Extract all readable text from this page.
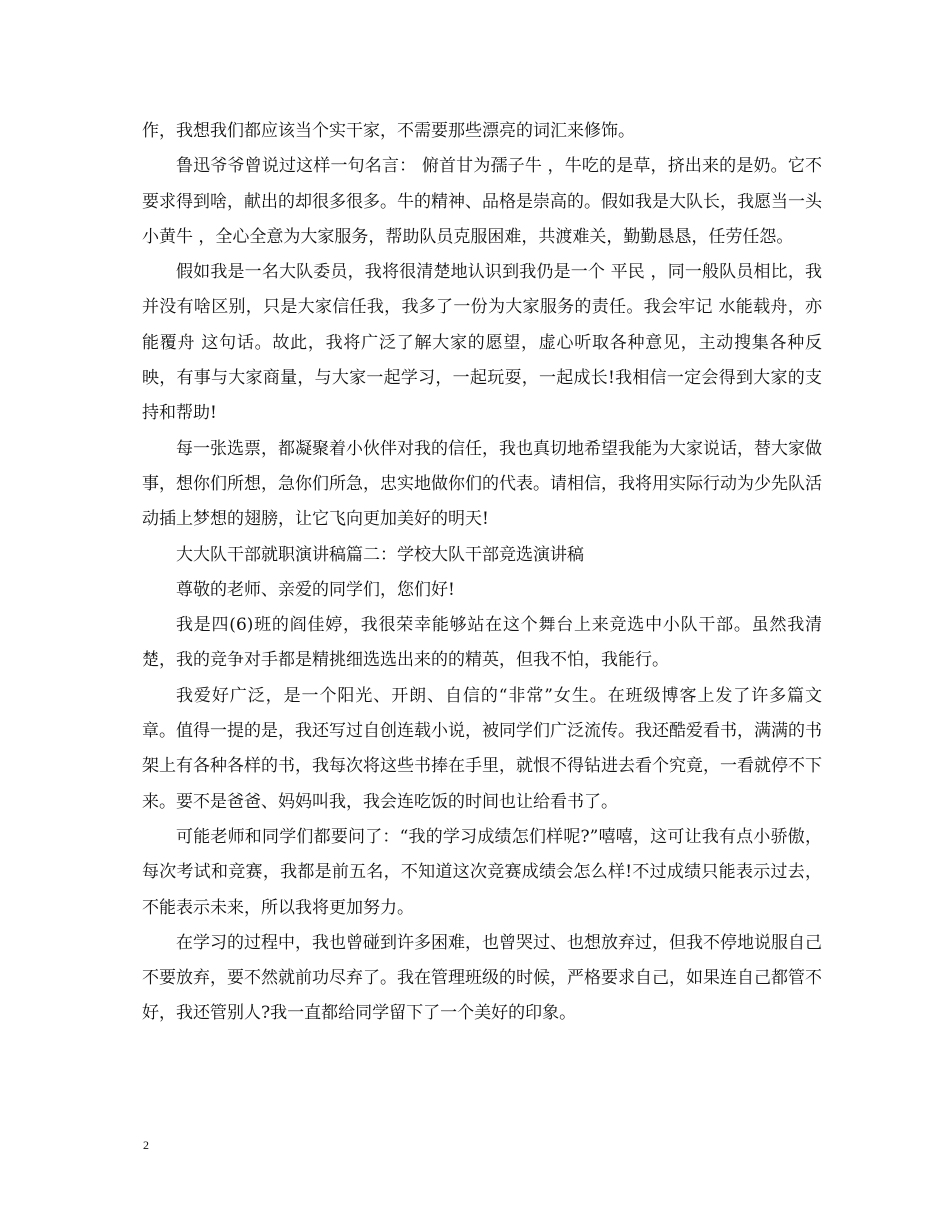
作，我想我们都应该当个实干家，不需要那些漂亮的词汇来修饰。

鲁迅爷爷曾说过这样一句名言： 俯首甘为孺子牛 ，牛吃的是草，挤出来的是奶。它不要求得到啥，献出的却很多很多。牛的精神、品格是崇高的。假如我是大队长，我愿当一头 小黄牛 ，全心全意为大家服务，帮助队员克服困难，共渡难关，勤勤恳恳，任劳任怨。

假如我是一名大队委员，我将很清楚地认识到我仍是一个 平民 ，同一般队员相比，我并没有啥区别，只是大家信任我，我多了一份为大家服务的责任。我会牢记 水能载舟，亦能覆舟 这句话。故此，我将广泛了解大家的愿望，虚心听取各种意见，主动搜集各种反映，有事与大家商量，与大家一起学习，一起玩耍，一起成长!我相信一定会得到大家的支持和帮助!

每一张选票，都凝聚着小伙伴对我的信任，我也真切地希望我能为大家说话，替大家做事，想你们所想，急你们所急，忠实地做你们的代表。请相信，我将用实际行动为少先队活动插上梦想的翅膀，让它飞向更加美好的明天!

大大队干部就职演讲稿篇二：学校大队干部竞选演讲稿

尊敬的老师、亲爱的同学们，您们好!

我是四(6)班的阎佳婷，我很荣幸能够站在这个舞台上来竞选中小队干部。虽然我清楚，我的竞争对手都是精挑细选选出来的的精英，但我不怕，我能行。

我爱好广泛，是一个阳光、开朗、自信的“非常”女生。在班级博客上发了许多篇文章。值得一提的是，我还写过自创连载小说，被同学们广泛流传。我还酷爱看书，满满的书架上有各种各样的书，我每次将这些书捧在手里，就恨不得钻进去看个究竟，一看就停不下来。要不是爸爸、妈妈叫我，我会连吃饭的时间也让给看书了。

可能老师和同学们都要问了：“我的学习成绩怎们样呢?”嘻嘻，这可让我有点小骄傲，每次考试和竞赛，我都是前五名，不知道这次竞赛成绩会怎么样!不过成绩只能表示过去，不能表示未来，所以我将更加努力。

在学习的过程中，我也曾碰到许多困难，也曾哭过、也想放弃过，但我不停地说服自己不要放弃，要不然就前功尽弃了。我在管理班级的时候，严格要求自己，如果连自己都管不好，我还管别人?我一直都给同学留下了一个美好的印象。

2
